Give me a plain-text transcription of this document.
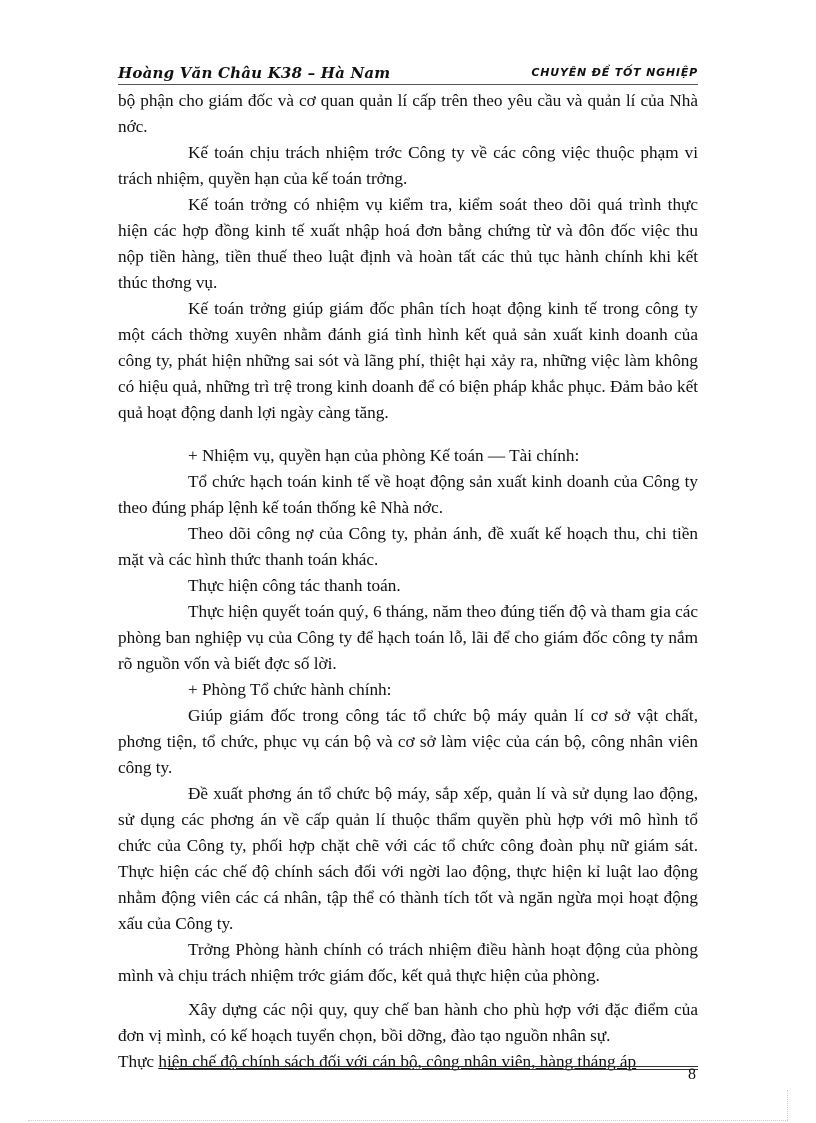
Hoàng Văn Châu K38 – Hà Nam	CHUYÊN ĐỀ TỐT NGHIỆP

bộ phận cho giám đốc và cơ quan quản lí cấp trên theo yêu cầu và quản lí của Nhà nớc.

Kế toán chịu trách nhiệm trớc Công ty về các công việc thuộc phạm vi trách nhiệm, quyền hạn của kế toán trởng.

Kế toán trởng có nhiệm vụ kiểm tra, kiểm soát theo dõi quá trình thực hiện các hợp đồng kinh tế xuất nhập hoá đơn bằng chứng từ và đôn đốc việc thu nộp tiền hàng, tiền thuế theo luật định và hoàn tất các thủ tục hành chính khi kết thúc thơng vụ.

Kế toán trởng giúp giám đốc phân tích hoạt động kinh tế trong công ty một cách thờng xuyên nhằm đánh giá tình hình kết quả sản xuất kinh doanh của công ty, phát hiện những sai sót và lãng phí, thiệt hại xảy ra, những việc làm không có hiệu quả, những trì trệ trong kinh doanh để có biện pháp khắc phục. Đảm bảo kết quả hoạt động danh lợi ngày càng tăng.

+ Nhiệm vụ, quyền hạn của phòng Kế toán — Tài chính:

Tổ chức hạch toán kinh tế về hoạt động sản xuất kinh doanh của Công ty theo đúng pháp lệnh kế toán thống kê Nhà nớc.

Theo dõi công nợ của Công ty, phản ánh, đề xuất kế hoạch thu, chi tiền mặt và các hình thức thanh toán khác.

Thực hiện công tác thanh toán.

Thực hiện quyết toán quý, 6 tháng, năm theo đúng tiến độ và tham gia các phòng ban nghiệp vụ của Công ty để hạch toán lỗ, lãi để cho giám đốc công ty nắm rõ nguồn vốn và biết đợc số lời.

+ Phòng Tổ chức hành chính:

Giúp giám đốc trong công tác tổ chức bộ máy quản lí cơ sở vật chất, phơng tiện, tổ chức, phục vụ cán bộ và cơ sở làm việc của cán bộ, công nhân viên công ty.

Đề xuất phơng án tổ chức bộ máy, sắp xếp, quản lí và sử dụng lao động, sử dụng các phơng án về cấp quản lí thuộc thẩm quyền phù hợp với mô hình tổ chức của Công ty, phối hợp chặt chẽ với các tổ chức công đoàn phụ nữ giám sát. Thực hiện các chế độ chính sách đối với ngời lao động, thực hiện kỉ luật lao động nhằm động viên các cá nhân, tập thể có thành tích tốt và ngăn ngừa mọi hoạt động xấu của Công ty.

Trởng Phòng hành chính có trách nhiệm điều hành hoạt động của phòng mình và chịu trách nhiệm trớc giám đốc, kết quả thực hiện của phòng.

Xây dựng các nội quy, quy chế ban hành cho phù hợp với đặc điểm của đơn vị mình, có kế hoạch tuyển chọn, bồi dỡng, đào tạo nguồn nhân sự.

Thực hiện chế độ chính sách đối với cán bộ, công nhân viên, hàng tháng áp

8
